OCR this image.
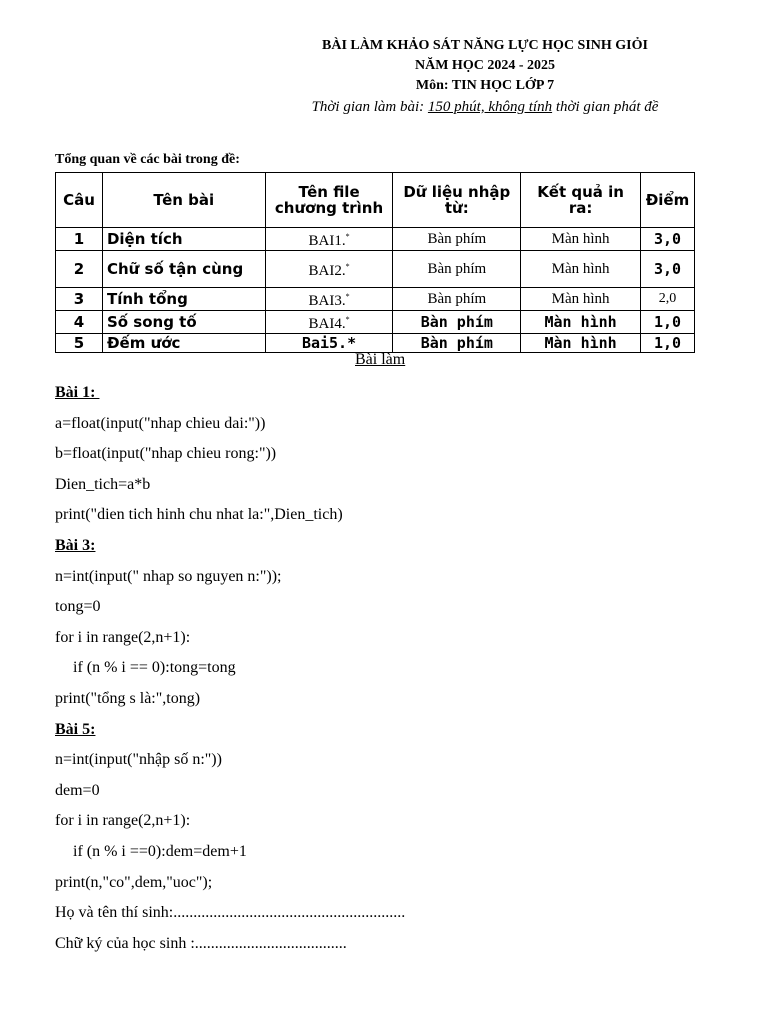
BÀI LÀM KHẢO SÁT NĂNG LỰC HỌC SINH GIỎI
NĂM HỌC 2024 - 2025
Môn: TIN HỌC LỚP 7
Thời gian làm bài: 150 phút, không tính thời gian phát đề
Tổng quan về các bài trong đề:
Câu	Tên bài	Tên file chương trình	Dữ liệu nhập từ:	Kết quả in ra:	Điểm
1	Diện tích	BAI1.*	Bàn phím	Màn hình	3,0
2	Chữ số tận cùng	BAI2.*	Bàn phím	Màn hình	3,0
3	Tính tổng	BAI3.*	Bàn phím	Màn hình	2,0
4	Số song tố	BAI4.*	Bàn phím	Màn hình	1,0
5	Đếm ước	Bai5.*	Bàn phím	Màn hình	1,0
Bài làm
Bài 1:
a=float(input("nhap chieu dai:"))
b=float(input("nhap chieu rong:"))
Dien_tich=a*b
print("dien tich hinh chu nhat la:",Dien_tich)
Bài 3:
n=int(input(" nhap so nguyen n:"));
tong=0
for i in range(2,n+1):
if (n % i == 0):tong=tong
print("tổng s là:",tong)
Bài 5:
n=int(input("nhập số n:"))
dem=0
for i in range(2,n+1):
if (n % i ==0):dem=dem+1
print(n,"co",dem,"uoc");
Họ và tên thí sinh:..........................................................
Chữ ký của học sinh :......................................
